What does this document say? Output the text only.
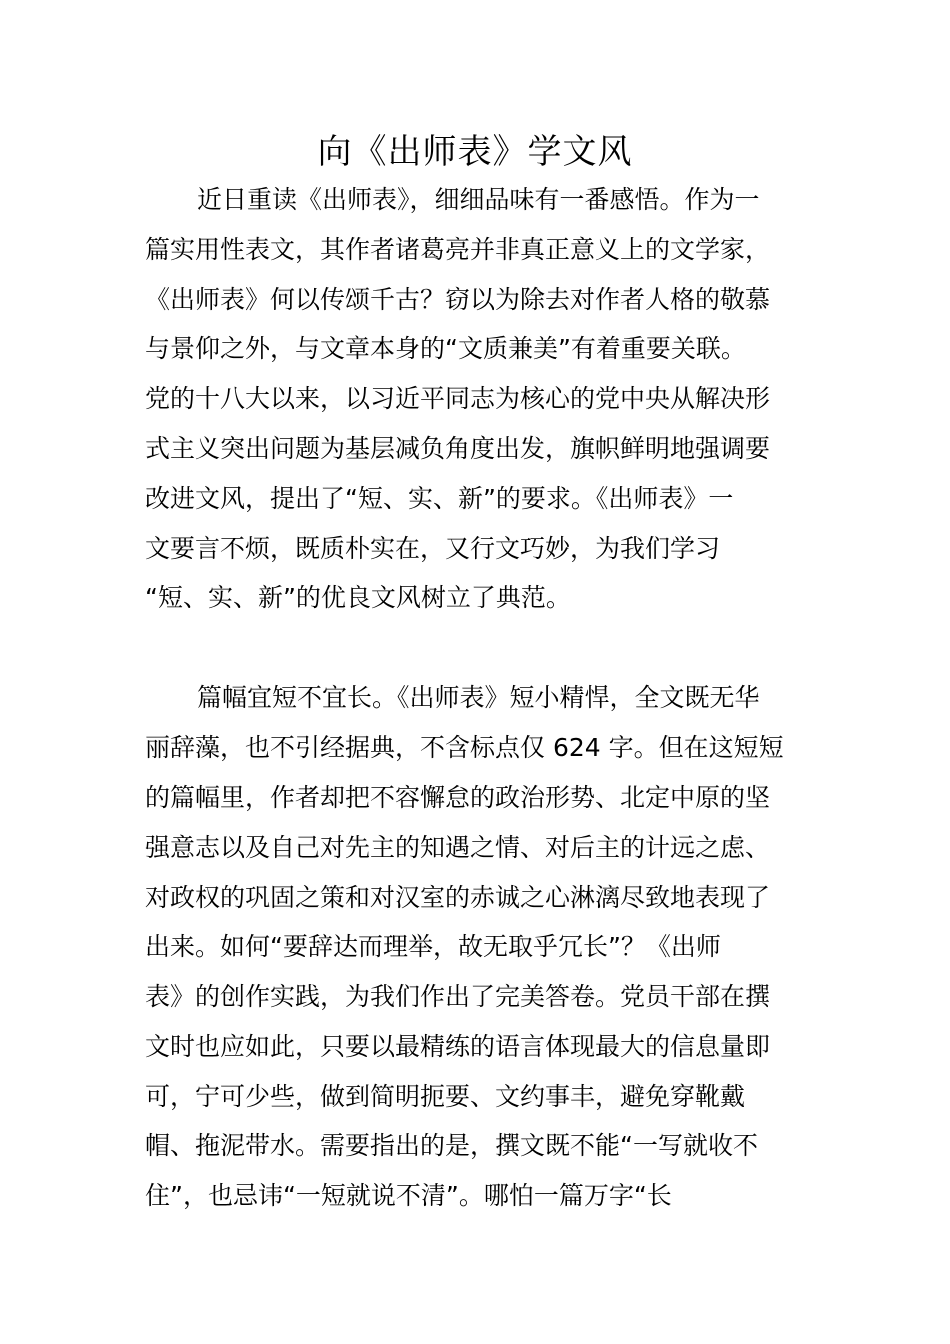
向《出师表》学文风

近日重读《出师表》，细细品味有一番感悟。作为一

篇实用性表文，其作者诸葛亮并非真正意义上的文学家，

《出师表》何以传颂千古？窃以为除去对作者人格的敬慕

与景仰之外，与文章本身的“文质兼美”有着重要关联。

党的十八大以来，以习近平同志为核心的党中央从解决形

式主义突出问题为基层减负角度出发，旗帜鲜明地强调要

改进文风，提出了“短、实、新”的要求。《出师表》一

文要言不烦，既质朴实在，又行文巧妙，为我们学习

“短、实、新”的优良文风树立了典范。

篇幅宜短不宜长。《出师表》短小精悍，全文既无华

丽辞藻，也不引经据典，不含标点仅 624 字。但在这短短

的篇幅里，作者却把不容懈怠的政治形势、北定中原的坚

强意志以及自己对先主的知遇之情、对后主的计远之虑、

对政权的巩固之策和对汉室的赤诚之心淋漓尽致地表现了

出来。如何“要辞达而理举，故无取乎冗长”？《出师

表》的创作实践，为我们作出了完美答卷。党员干部在撰

文时也应如此，只要以最精练的语言体现最大的信息量即

可，宁可少些，做到简明扼要、文约事丰，避免穿靴戴

帽、拖泥带水。需要指出的是，撰文既不能“一写就收不

住”，也忌讳“一短就说不清”。哪怕一篇万字“长
